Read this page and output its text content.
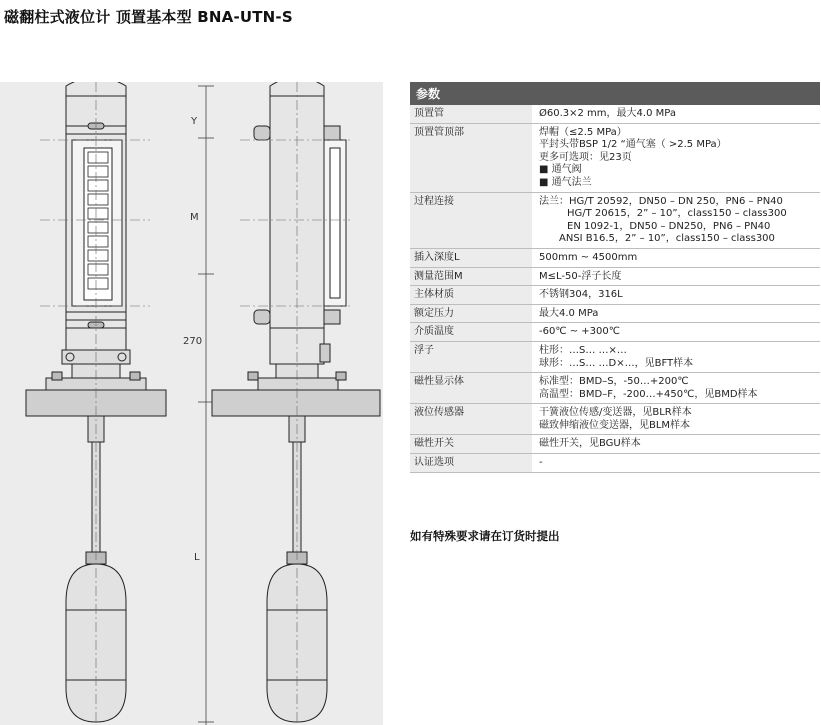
磁翻柱式液位计 顶置基本型 BNA-UTN-S
Y
M
270
L
参数	
顶置管	Ø60.3×2 mm，最大4.0 MPa

顶置管顶部	焊帽（≤2.5 MPa）
平封头带BSP 1/2 “通气塞（ >2.5 MPa）
更多可选项：见23页
■ 通气阀
■ 通气法兰

过程连接	法兰：HG/T 20592，DN50 – DN 250，PN6 – PN40
HG/T 20615，2” – 10”，class150 – class300
EN 1092-1，DN50 – DN250，PN6 – PN40
ANSI B16.5，2” – 10”，class150 – class300

插入深度L	500mm ~ 4500mm

测量范围M	M≤L-50-浮子长度

主体材质	不锈钢304，316L

额定压力	最大4.0 MPa

介质温度	-60℃ ~ +300℃

浮子	柱形：…S… …×…
球形：…S… …D×…，见BFT样本

磁性显示体	标准型：BMD–S，-50…+200℃
高温型：BMD–F，-200…+450℃，见BMD样本

液位传感器	干簧液位传感/变送器，见BLR样本
磁致伸缩液位变送器，见BLM样本

磁性开关	磁性开关，见BGU样本

认证选项	-
如有特殊要求请在订货时提出
